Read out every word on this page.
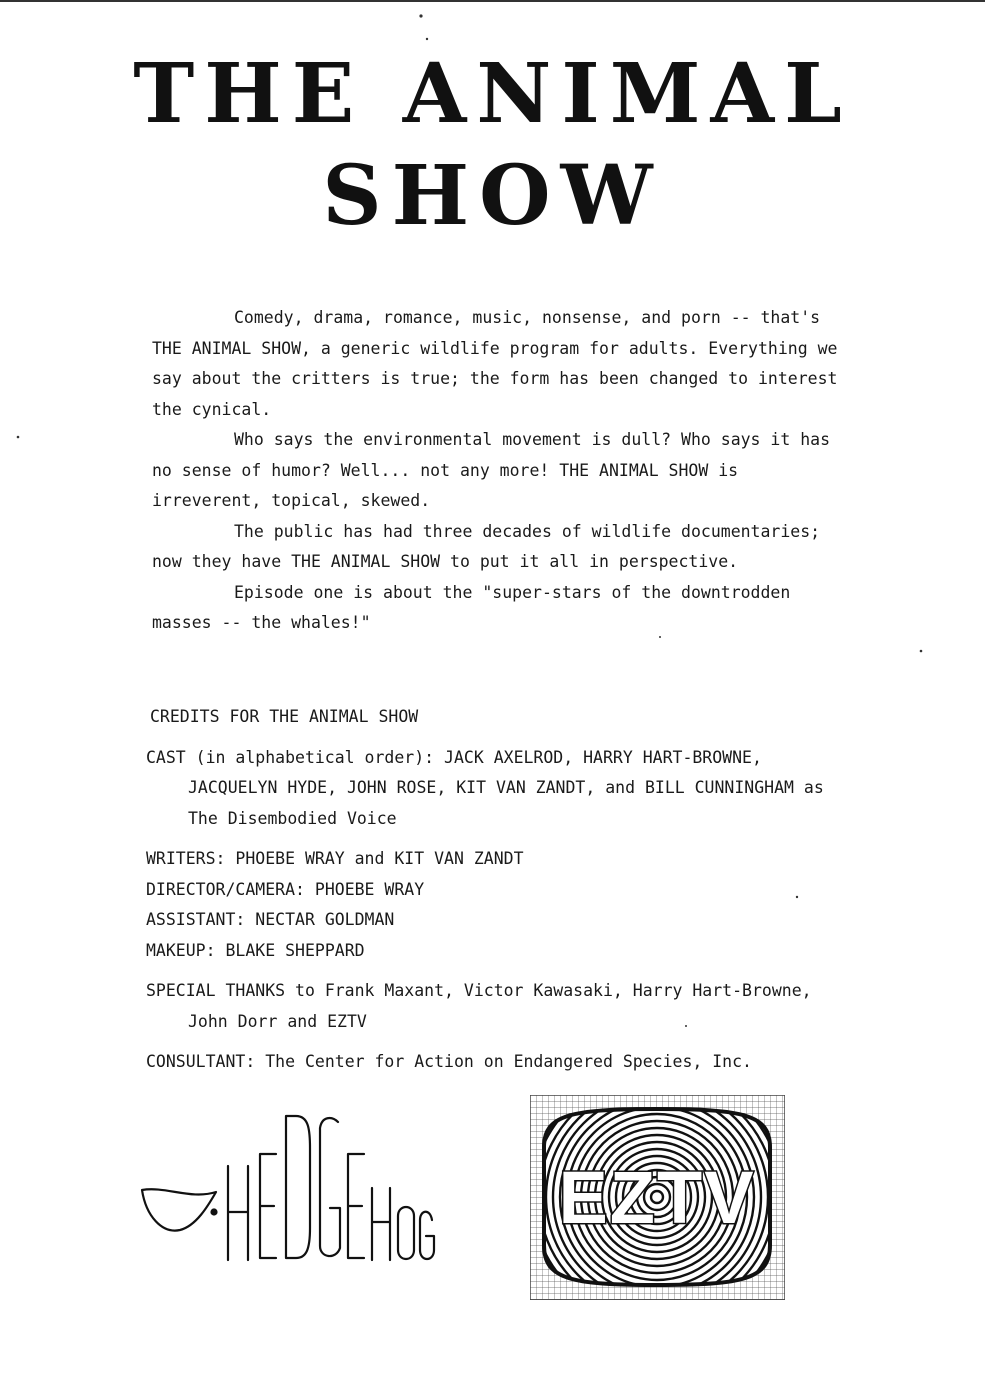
THE ANIMAL
SHOW

Comedy, drama, romance, music, nonsense, and porn -- that's THE ANIMAL SHOW, a generic wildlife program for adults. Everything we say about the critters is true; the form has been changed to interest the cynical.

Who says the environmental movement is dull? Who says it has no sense of humor? Well... not any more! THE ANIMAL SHOW is irreverent, topical, skewed.

The public has had three decades of wildlife documentaries; now they have THE ANIMAL SHOW to put it all in perspective.

Episode one is about the "super-stars of the downtrodden masses -- the whales!"

CREDITS FOR THE ANIMAL SHOW
CAST (in alphabetical order): JACK AXELROD, HARRY HART-BROWNE, JACQUELYN HYDE, JOHN ROSE, KIT VAN ZANDT, and BILL CUNNINGHAM as The Disembodied Voice
WRITERS: PHOEBE WRAY and KIT VAN ZANDT
DIRECTOR/CAMERA: PHOEBE WRAY
ASSISTANT: NECTAR GOLDMAN
MAKEUP: BLAKE SHEPPARD
SPECIAL THANKS to Frank Maxant, Victor Kawasaki, Harry Hart-Browne, John Dorr and EZTV
CONSULTANT: The Center for Action on Endangered Species, Inc.
EZTV
